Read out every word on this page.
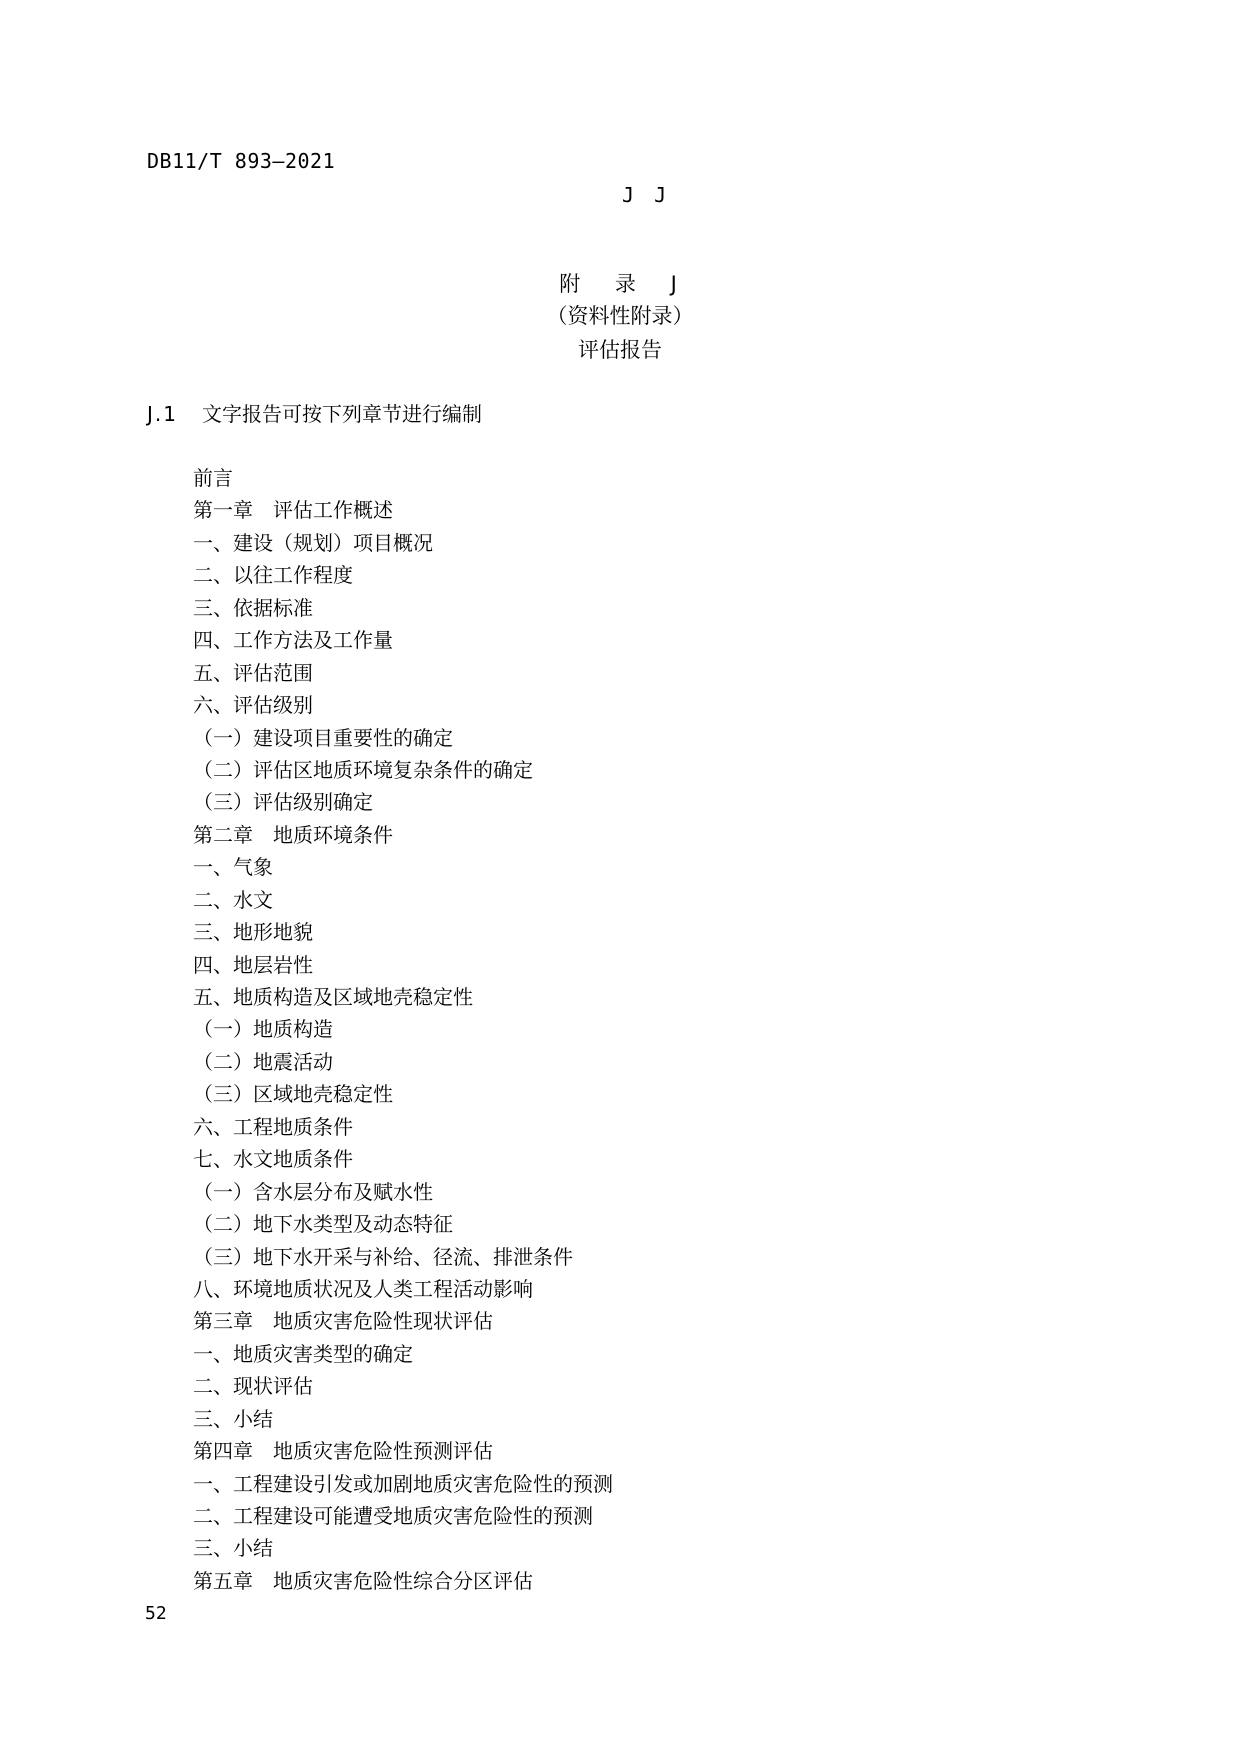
DB11/T 893—2021
J J
附 录 J
（资料性附录）
评估报告
J.1 文字报告可按下列章节进行编制
前言
第一章　评估工作概述
一、建设（规划）项目概况
二、以往工作程度
三、依据标准
四、工作方法及工作量
五、评估范围
六、评估级别
（一）建设项目重要性的确定
（二）评估区地质环境复杂条件的确定
（三）评估级别确定
第二章　地质环境条件
一、气象
二、水文
三、地形地貌
四、地层岩性
五、地质构造及区域地壳稳定性
（一）地质构造
（二）地震活动
（三）区域地壳稳定性
六、工程地质条件
七、水文地质条件
（一）含水层分布及赋水性
（二）地下水类型及动态特征
（三）地下水开采与补给、径流、排泄条件
八、环境地质状况及人类工程活动影响
第三章　地质灾害危险性现状评估
一、地质灾害类型的确定
二、现状评估
三、小结
第四章　地质灾害危险性预测评估
一、工程建设引发或加剧地质灾害危险性的预测
二、工程建设可能遭受地质灾害危险性的预测
三、小结
第五章　地质灾害危险性综合分区评估
52
